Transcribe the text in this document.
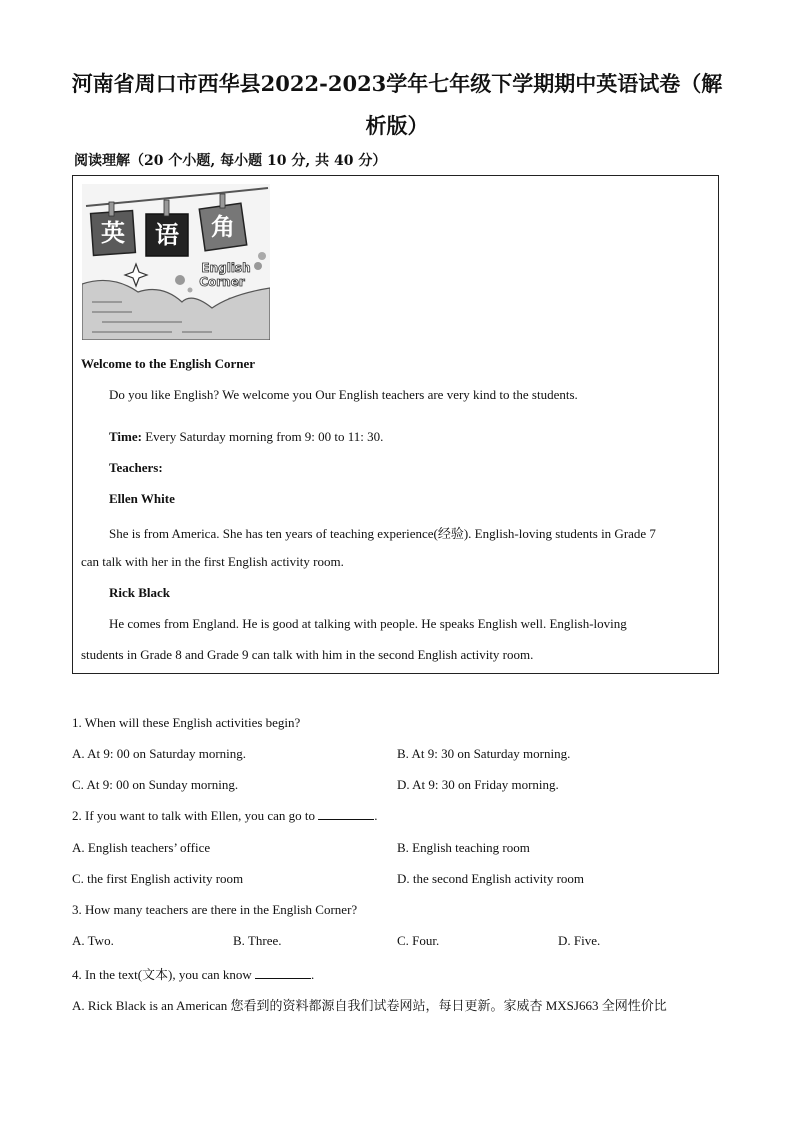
河南省周口市西华县2022-2023学年七年级下学期期中英语试卷（解
析版）
阅读理解（20 个小题, 每小题 10 分, 共 40 分）
英 语 角
English
Corner
Welcome to the English Corner
Do you like English? We welcome you Our English teachers are very kind to the students.
Time: Every Saturday morning from 9: 00 to 11: 30.
Teachers:
Ellen White
She is from America. She has ten years of teaching experience(经验). English-loving students in Grade 7
can talk with her in the first English activity room.
Rick Black
He comes from England. He is good at talking with people. He speaks English well. English-loving
students in Grade 8 and Grade 9 can talk with him in the second English activity room.
1. When will these English activities begin?
A. At 9: 00 on Saturday morning.	B. At 9: 30 on Saturday morning.
C. At 9: 00 on Sunday morning.	D. At 9: 30 on Friday morning.
2. If you want to talk with Ellen, you can go to	.
A. English teachers’ office	B. English teaching room
C. the first English activity room	D. the second English activity room
3. How many teachers are there in the English Corner?
A. Two.	B. Three.	C. Four.	D. Five.
4. In the text(文本), you can know	.
A. Rick Black is an American 您看到的资料都源自我们试卷网站，每日更新。家威杏 MXSJ663 全网性价比
